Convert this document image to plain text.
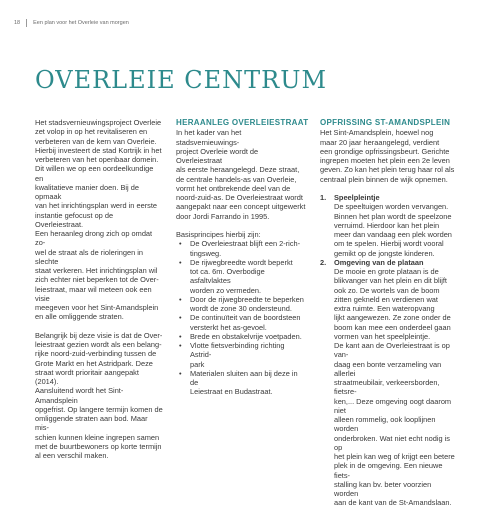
18 Een plan voor het Overleie van morgen
OVERLEIE CENTRUM

Het stadsvernieuwingsproject Overleie
zet volop in op het revitaliseren en
verbeteren van de kern van Overleie.
Hierbij investeert de stad Kortrijk in het
verbeteren van het openbaar domein.
Dit willen we op een oordeelkundige en
kwalitatieve manier doen. Bij de opmaak
van het inrichtingsplan werd in eerste
instantie gefocust op de Overleiestraat.
Een heraanleg drong zich op omdat zo-
wel de straat als de rioleringen in slechte
staat verkeren. Het inrichtingsplan wil
zich echter niet beperken tot de Over-
leiestraat, maar wil meteen ook een visie
meegeven voor het Sint-Amandsplein
en alle omliggende straten.

Belangrijk bij deze visie is dat de Over-
leiestraat gezien wordt als een belang-
rijke noord-zuid-verbinding tussen de
Grote Markt en het Astridpark. Deze
straat wordt prioritair aangepakt (2014).
Aansluitend wordt het Sint-Amandsplein
opgefrist. Op langere termijn komen de
omliggende straten aan bod. Maar mis-
schien kunnen kleine ingrepen samen
met de buurtbewoners op korte termijn
al een verschil maken.

HERAANLEG OVERLEIESTRAAT

In het kader van het stadsvernieuwings-
project Overleie wordt de Overleiestraat
als eerste heraangelegd. Deze straat,
de centrale handels-as van Overleie,
vormt het ontbrekende deel van de
noord-zuid-as. De Overleiestraat wordt
aangepakt naar een concept uitgewerkt
door Jordi Farrando in 1995.

Basisprincipes hierbij zijn:

• De Overleiestraat blijft een 2-rich-
tingsweg.
• De rijwegbreedte wordt beperkt
tot ca. 6m. Overbodige asfaltvlaktes
worden zo vermeden.
• Door de rijwegbreedte te beperken
wordt de zone 30 ondersteund.
• De continuïteit van de boordsteen
versterkt het as-gevoel.
• Brede en obstakelvrije voetpaden.
• Vlotte fietsverbinding richting Astrid-
park
• Materialen sluiten aan bij deze in de
Leiestraat en Budastraat.
OPFRISSING ST-AMANDSPLEIN

Het Sint-Amandsplein, hoewel nog
maar 20 jaar heraangelegd, verdient
een grondige opfrissingsbeurt. Gerichte
ingrepen moeten het plein een 2e leven
geven. Zo kan het plein terug haar rol als
centraal plein binnen de wijk opnemen.

1. Speelpleintje
De speeltuigen worden vervangen.
Binnen het plan wordt de speelzone
verruimd. Hierdoor kan het plein
meer dan vandaag een plek worden
om te spelen. Hierbij wordt vooral
gemikt op de jongste kinderen.
2. Omgeving van de plataan
De mooie en grote plataan is de
blikvanger van het plein en dit blijft
ook zo. De wortels van de boom
zitten gekneld en verdienen wat
extra ruimte. Een wateropvang
lijkt aangewezen. Ze zone onder de
boom kan mee een onderdeel gaan
vormen van het speelpleintje.
De kant aan de Overleiestraat is op van-
daag een bonte verzameling van allerlei
straatmeubilair, verkeersborden, fietsre-
ken,... Deze omgeving oogt daarom niet
alleen rommelig, ook looplijnen worden
onderbroken. Wat niet echt nodig is op
het plein kan weg of krijgt een betere
plek in de omgeving. Een nieuwe fiets-
stalling kan bv. beter voorzien worden
aan de kant van de St-Amandslaan.
